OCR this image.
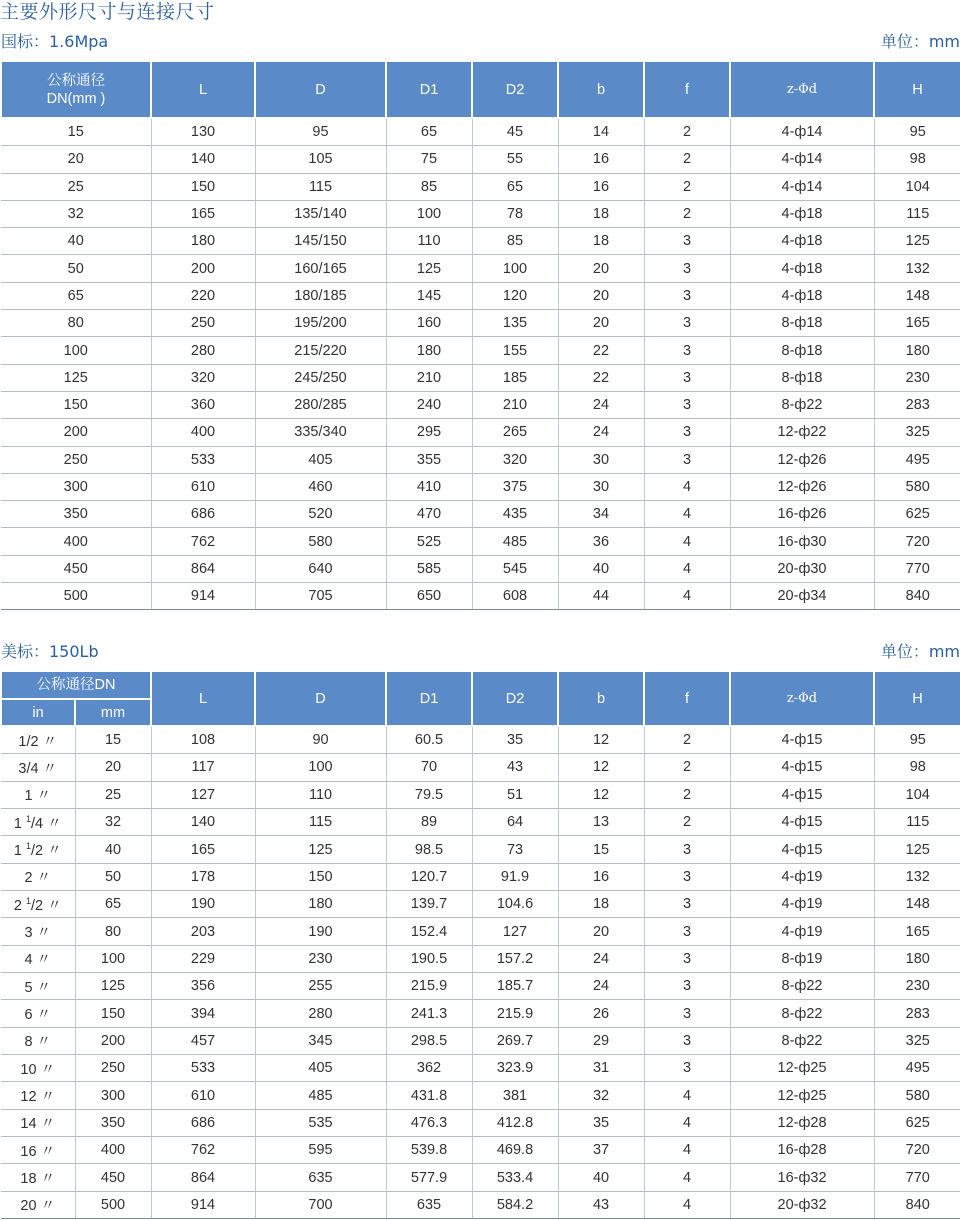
主要外形尺寸与连接尺寸
国标：1.6Mpa	单位：mm
公称通径
DN(mm )	L	D	D1	D2	b	f	z-Φd	H
15	130	95	65	45	14	2	4-ф14	95
20	140	105	75	55	16	2	4-ф14	98
25	150	115	85	65	16	2	4-ф14	104
32	165	135/140	100	78	18	2	4-ф18	115
40	180	145/150	110	85	18	3	4-ф18	125
50	200	160/165	125	100	20	3	4-ф18	132
65	220	180/185	145	120	20	3	4-ф18	148
80	250	195/200	160	135	20	3	8-ф18	165
100	280	215/220	180	155	22	3	8-ф18	180
125	320	245/250	210	185	22	3	8-ф18	230
150	360	280/285	240	210	24	3	8-ф22	283
200	400	335/340	295	265	24	3	12-ф22	325
250	533	405	355	320	30	3	12-ф26	495
300	610	460	410	375	30	4	12-ф26	580
350	686	520	470	435	34	4	16-ф26	625
400	762	580	525	485	36	4	16-ф30	720
450	864	640	585	545	40	4	20-ф30	770
500	914	705	650	608	44	4	20-ф34	840
美标：150Lb	单位：mm
公称通径DN		L	D	D1	D2	b	f	z-Φd	H
in	mm								
1/2 〃	15	108	90	60.5	35	12	2	4-ф15	95
3/4 〃	20	117	100	70	43	12	2	4-ф15	98
1 〃	25	127	110	79.5	51	12	2	4-ф15	104
1 $^1$/4 〃	32	140	115	89	64	13	2	4-ф15	115
1 $^1$/2 〃	40	165	125	98.5	73	15	3	4-ф15	125
2 〃	50	178	150	120.7	91.9	16	3	4-ф19	132
2 $^1$/2 〃	65	190	180	139.7	104.6	18	3	4-ф19	148
3 〃	80	203	190	152.4	127	20	3	4-ф19	165
4 〃	100	229	230	190.5	157.2	24	3	8-ф19	180
5 〃	125	356	255	215.9	185.7	24	3	8-ф22	230
6 〃	150	394	280	241.3	215.9	26	3	8-ф22	283
8 〃	200	457	345	298.5	269.7	29	3	8-ф22	325
10 〃	250	533	405	362	323.9	31	3	12-ф25	495
12 〃	300	610	485	431.8	381	32	4	12-ф25	580
14 〃	350	686	535	476.3	412.8	35	4	12-ф28	625
16 〃	400	762	595	539.8	469.8	37	4	16-ф28	720
18 〃	450	864	635	577.9	533.4	40	4	16-ф32	770
20 〃	500	914	700	635	584.2	43	4	20-ф32	840
